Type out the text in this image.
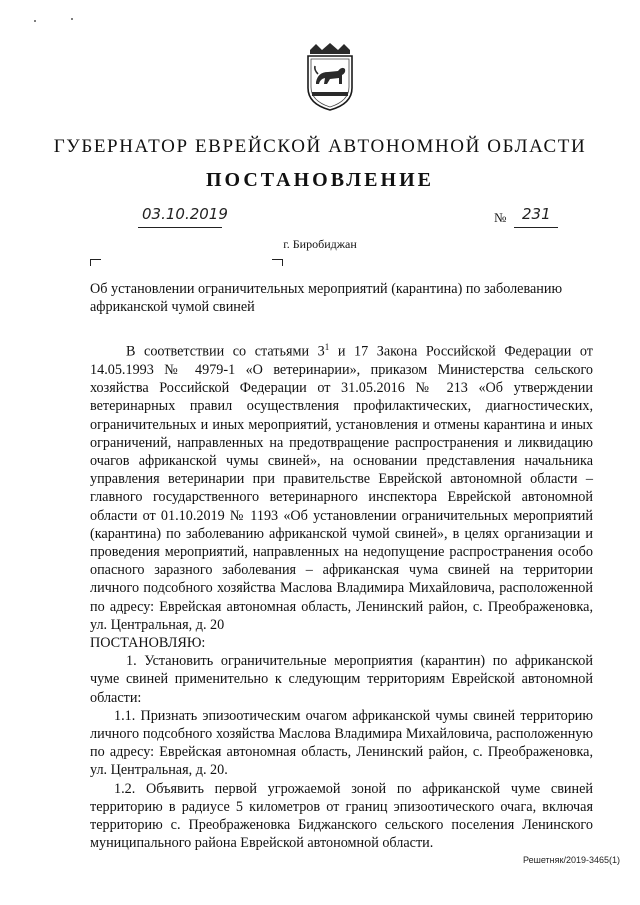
ГУБЕРНАТОР ЕВРЕЙСКОЙ АВТОНОМНОЙ ОБЛАСТИ
ПОСТАНОВЛЕНИЕ
03.10.2019	№ 231
г. Биробиджан
Об установлении ограничительных мероприятий (карантина) по заболеванию африканской чумой свиней

В соответствии со статьями $3^1$ и 17 Закона Российской Федерации от 14.05.1993 № 4979-1 «О ветеринарии», приказом Министерства сельского хозяйства Российской Федерации от 31.05.2016 № 213 «Об утверждении ветеринарных правил осуществления профилактических, диагностических, ограничительных и иных мероприятий, установления и отмены карантина и иных ограничений, направленных на предотвращение распространения и ликвидацию очагов африканской чумы свиней», на основании представления начальника управления ветеринарии при правительстве Еврейской автономной области – главного государственного ветеринарного инспектора Еврейской автономной области от 01.10.2019 № 1193 «Об установлении ограничительных мероприятий (карантина) по заболеванию африканской чумой свиней», в целях организации и проведения мероприятий, направленных на недопущение распространения особо опасного заразного заболевания – африканская чума свиней на территории личного подсобного хозяйства Маслова Владимира Михайловича, расположенной по адресу: Еврейская автономная область, Ленинский район, с. Преображеновка, ул. Центральная, д. 20

ПОСТАНОВЛЯЮ:

1. Установить ограничительные мероприятия (карантин) по африканской чуме свиней применительно к следующим территориям Еврейской автономной области:

1.1. Признать эпизоотическим очагом африканской чумы свиней территорию личного подсобного хозяйства Маслова Владимира Михайловича, расположенную по адресу: Еврейская автономная область, Ленинский район, с. Преображеновка, ул. Центральная, д. 20.

1.2. Объявить первой угрожаемой зоной по африканской чуме свиней территорию в радиусе 5 километров от границ эпизоотического очага, включая территорию с. Преображеновка Биджанского сельского поселения Ленинского муниципального района Еврейской автономной области.

Решетняк/2019-3465(1)
